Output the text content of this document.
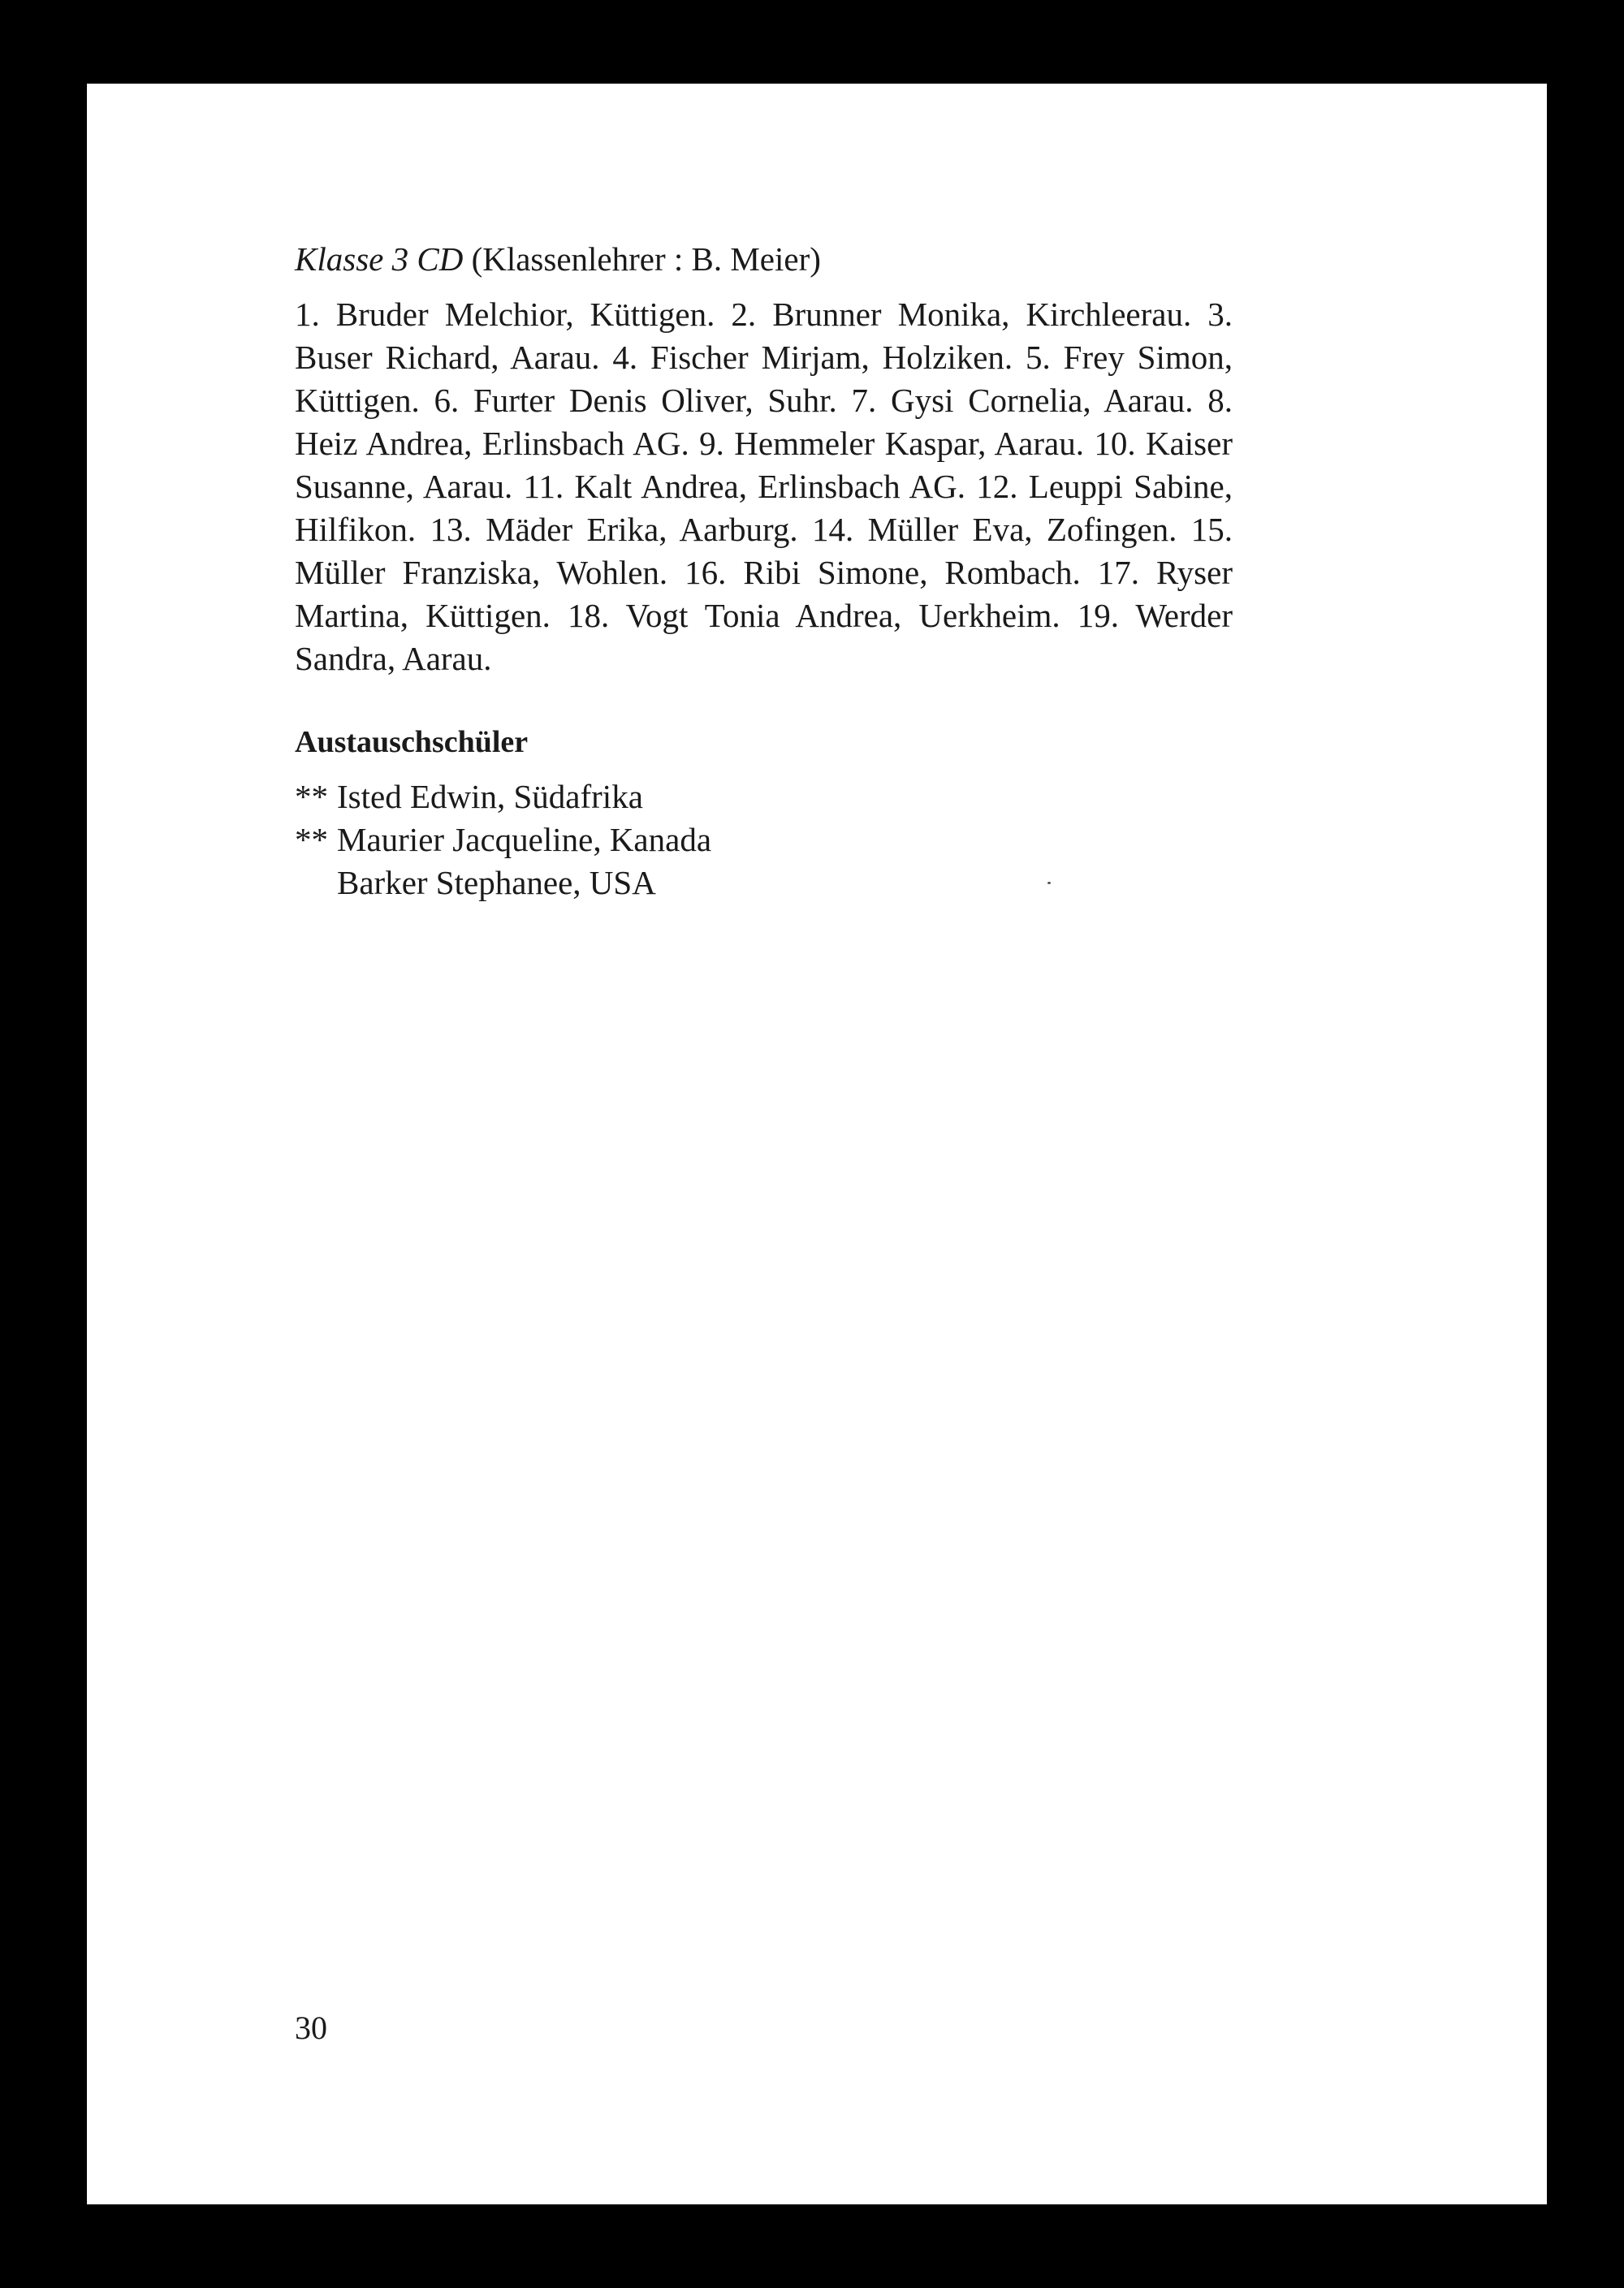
Klasse 3 CD (Klassenlehrer : B. Meier)

1. Bruder Melchior, Küttigen. 2. Brunner Monika, Kirchleerau. 3. Buser Richard, Aarau. 4. Fischer Mirjam, Holziken. 5. Frey Simon, Küttigen. 6. Furter Denis Oliver, Suhr. 7. Gysi Cornelia, Aarau. 8. Heiz Andrea, Erlinsbach AG. 9. Hemmeler Kaspar, Aarau. 10. Kaiser Susanne, Aarau. 11. Kalt Andrea, Erlinsbach AG. 12. Leuppi Sabine, Hilfikon. 13. Mäder Erika, Aarburg. 14. Müller Eva, Zofingen. 15. Müller Franziska, Wohlen. 16. Ribi Simone, Rombach. 17. Ryser Martina, Küttigen. 18. Vogt Tonia Andrea, Uerkheim. 19. Werder Sandra, Aarau.

Austauschschüler

** Isted Edwin, Südafrika
** Maurier Jacqueline, Kanada
Barker Stephanee, USA

30
